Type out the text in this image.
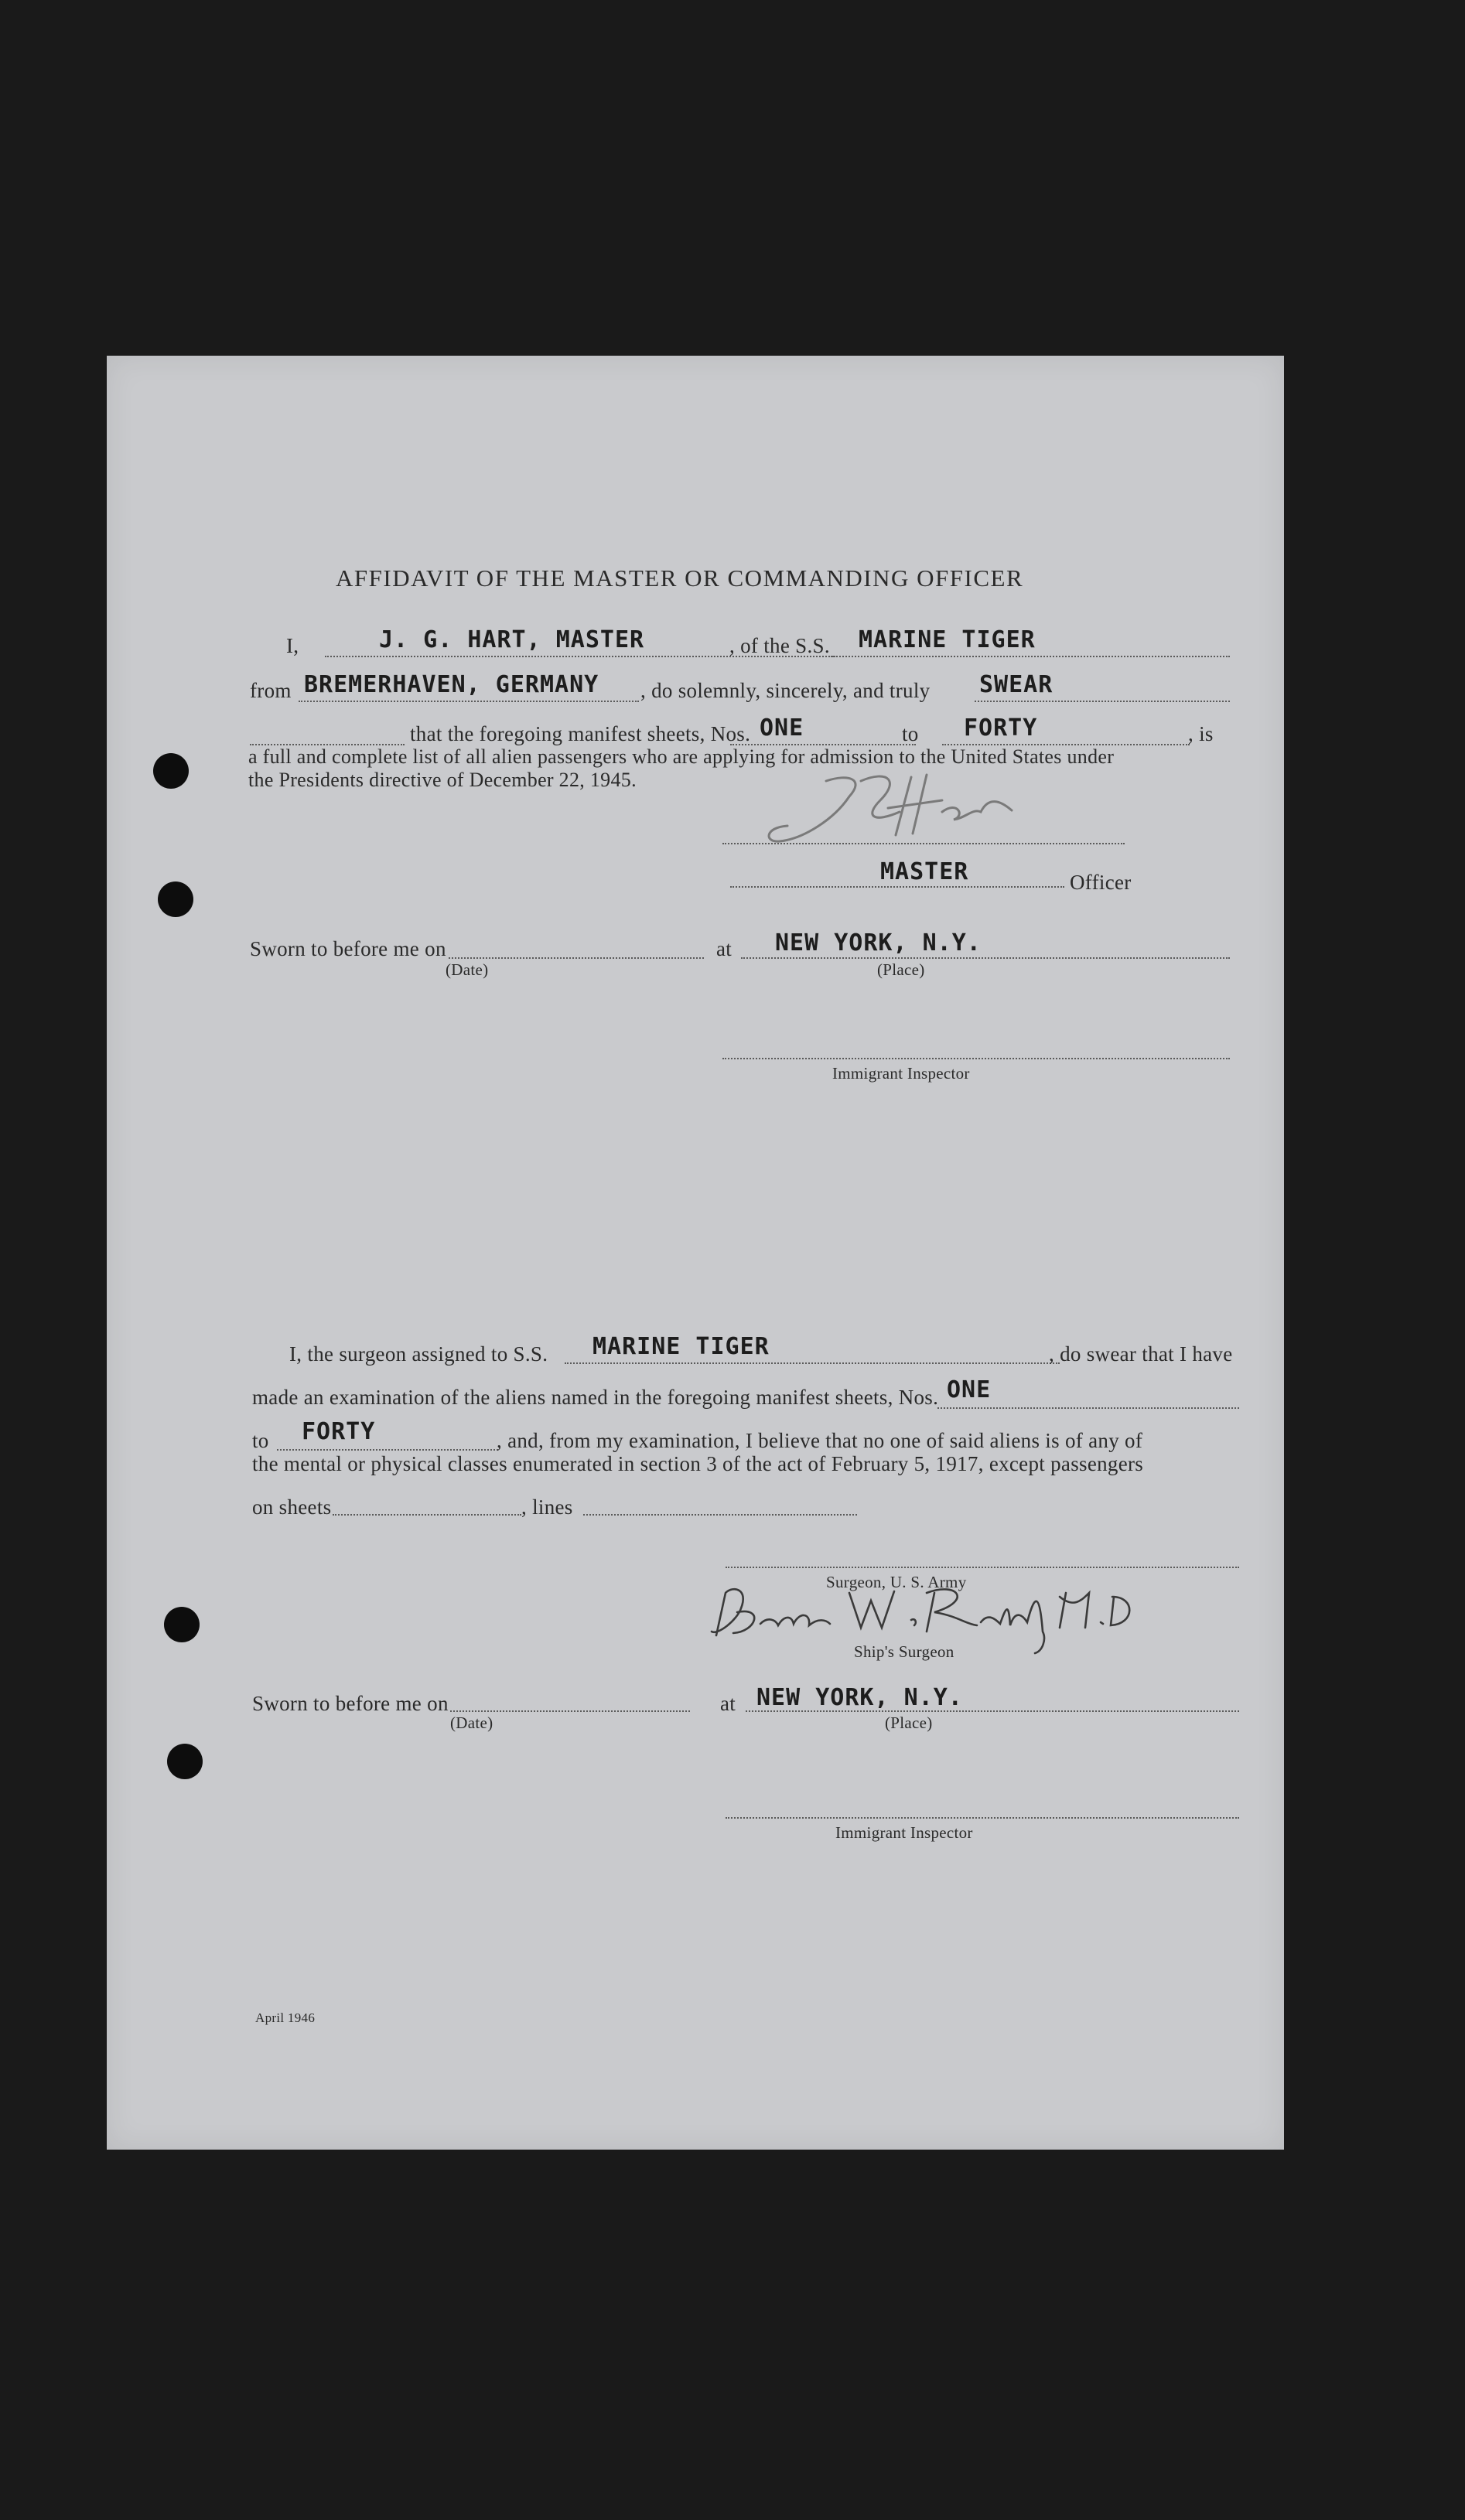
AFFIDAVIT OF THE MASTER OR COMMANDING OFFICER
I,	J. G. HART, MASTER	, of the S.S. MARINE TIGER
from BREMERHAVEN, GERMANY , do solemnly, sincerely, and truly SWEAR
that the foregoing manifest sheets, Nos. ONE	to FORTY	, is
a full and complete list of all alien passengers who are applying for admission to the United States under
the Presidents directive of December 22, 1945.
MASTER	Officer
Sworn to before me on	at NEW YORK, N.Y.
(Date)	(Place)
Immigrant Inspector
I, the surgeon assigned to S.S. MARINE TIGER	, do swear that I have
made an examination of the aliens named in the foregoing manifest sheets, Nos. ONE
to FORTY	, and, from my examination, I believe that no one of said aliens is of any of
the mental or physical classes enumerated in section 3 of the act of February 5, 1917, except passengers
on sheets	, lines
Surgeon, U. S. Army
Ship's Surgeon
Sworn to before me on	at NEW YORK, N.Y.
(Date)	(Place)
Immigrant Inspector
April 1946
